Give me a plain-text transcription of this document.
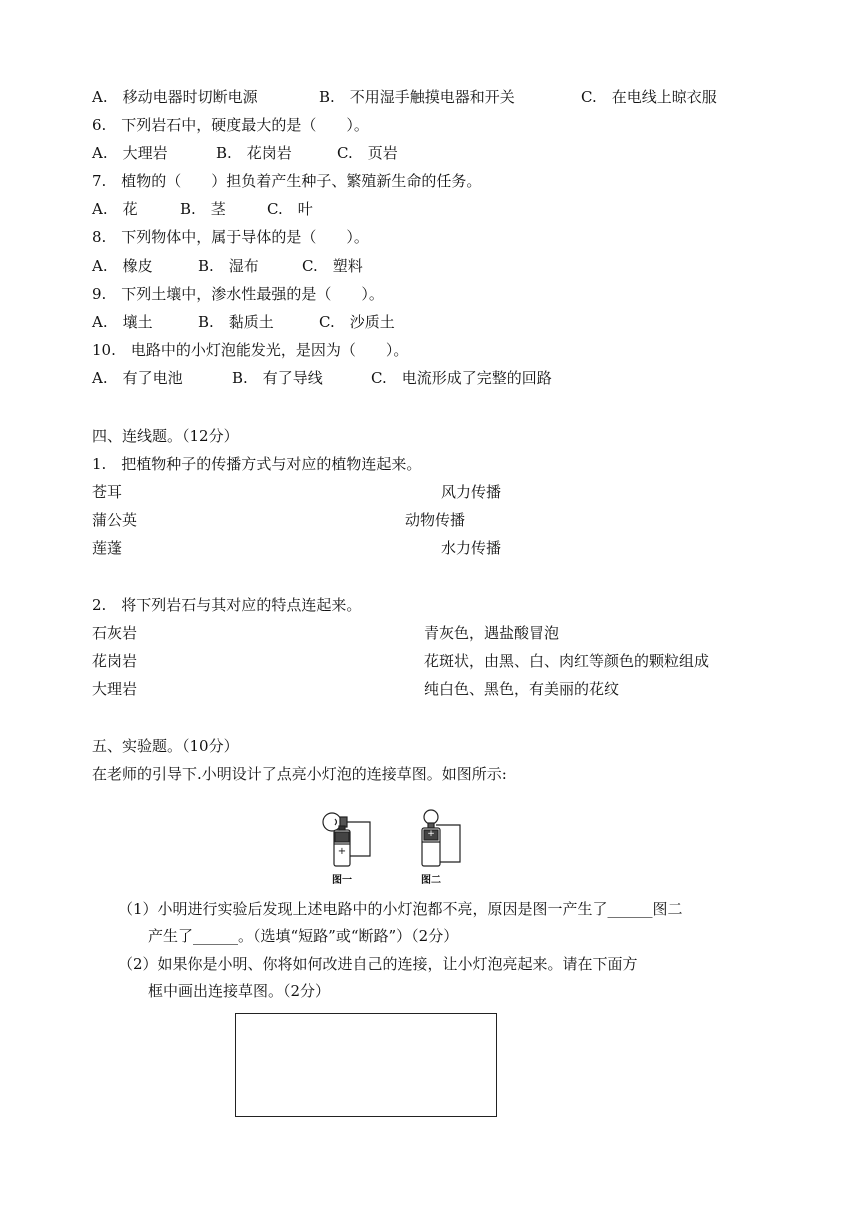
A.　移动电器时切断电源	B.　不用湿手触摸电器和开关	C.　在电线上晾衣服
6.　下列岩石中，硬度最大的是（　　）。
A.　大理岩	B.　花岗岩	C.　页岩
7.　植物的（　　）担负着产生种子、繁殖新生命的任务。
A.　花	B.　茎	C.　叶
8.　下列物体中，属于导体的是（　　）。
A.　橡皮	B.　湿布	C.　塑料
9.　下列土壤中，渗水性最强的是（　　）。
A.　壤土	B.　黏质土	C.　沙质土
10.　电路中的小灯泡能发光，是因为（　　）。
A.　有了电池	B.　有了导线	C.　电流形成了完整的回路
四、连线题。（12分）
1.　把植物种子的传播方式与对应的植物连起来。
苍耳	风力传播
蒲公英	动物传播
莲蓬	水力传播
2.　将下列岩石与其对应的特点连起来。
石灰岩	青灰色，遇盐酸冒泡
花岗岩	花斑状，由黑、白、肉红等颜色的颗粒组成
大理岩	纯白色、黑色，有美丽的花纹
五、实验题。（10分）
在老师的引导下.小明设计了点亮小灯泡的连接草图。如图所示:
+
+
图一	图二
（1）小明进行实验后发现上述电路中的小灯泡都不亮，原因是图一产生了______图二
产生了______。（选填“短路”或“断路”）（2分）
（2）如果你是小明、你将如何改进自己的连接，让小灯泡亮起来。请在下面方
框中画出连接草图。（2分）
